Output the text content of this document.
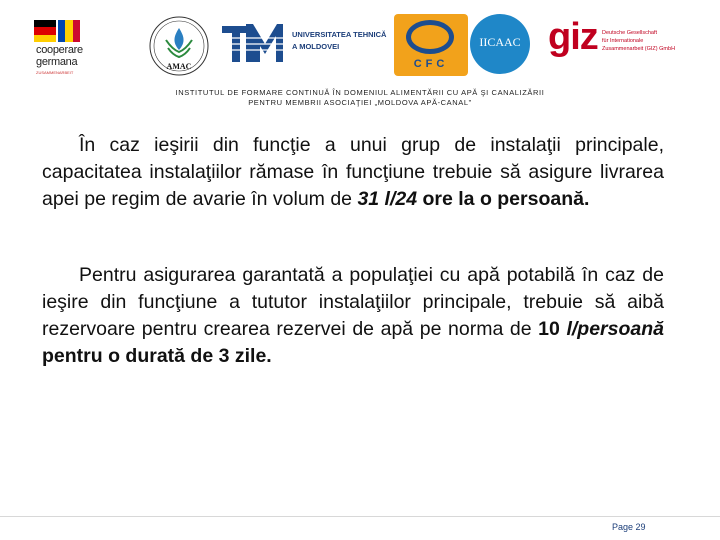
cooperare
germana
ZUSAMMENARBEIT
AMAC
UNIVERSITATEA TEHNICĂ
A MOLDOVEI
CFC
IICAAC giz Deutsche Gesellschaft
für Internationale
Zusammenarbeit (GIZ) GmbH
INSTITUTUL DE FORMARE CONTINUĂ ÎN DOMENIUL ALIMENTĂRII CU APĂ ŞI CANALIZĂRII
PENTRU MEMBRII ASOCIAŢIEI „MOLDOVA APĂ-CANAL”

În caz ieşirii din funcţie a unui grup de instalaţii principale, capacitatea instalaţiilor rămase în funcţiune trebuie să asigure livrarea apei pe regim de avarie în volum de 31 l/24 ore la o persoană.

Pentru asigurarea garantată a populaţiei cu apă potabilă în caz de ieşire din funcţiune a tututor instalaţiilor principale, trebuie să aibă rezervoare pentru crearea rezervei de apă pe norma de 10 l/persoană pentru o durată de 3 zile.

Page 29
